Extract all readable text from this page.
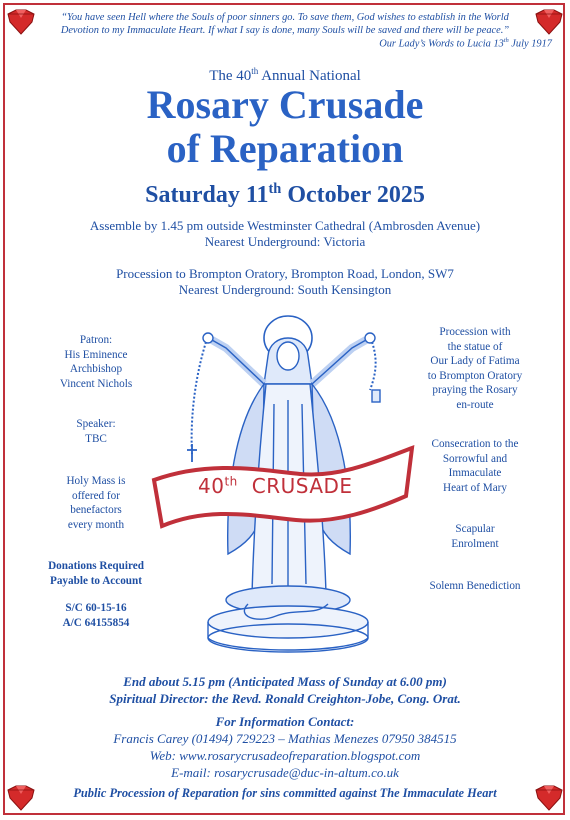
“You have seen Hell where the Souls of poor sinners go. To save them, God wishes to establish in the World
Devotion to my Immaculate Heart. If what I say is done, many Souls will be saved and there will be peace.”
Our Lady’s Words to Lucia 13th July 1917
The 40th Annual National
Rosary Crusade
of Reparation
Saturday 11th October 2025
Assemble by 1.45 pm outside Westminster Cathedral (Ambrosden Avenue)
Nearest Underground: Victoria
Procession to Brompton Oratory, Brompton Road, London, SW7
Nearest Underground: South Kensington
Patron:
His Eminence
Archbishop
Vincent Nichols
Speaker:
TBC
Holy Mass is
offered for
benefactors
every month
Donations Required
Payable to Account
S/C 60-15-16
A/C 64155854
Procession with
the statue of
Our Lady of Fatima
to Brompton Oratory
praying the Rosary
en-route
Consecration to the
Sorrowful and
Immaculate
Heart of Mary
Scapular
Enrolment
Solemn Benediction
40th CRUSADE
End about 5.15 pm (Anticipated Mass of Sunday at 6.00 pm)
Spiritual Director: the Revd. Ronald Creighton-Jobe, Cong. Orat.
For Information Contact:
Francis Carey (01494) 729223 – Mathias Menezes 07950 384515
Web: www.rosarycrusadeofreparation.blogspot.com
E-mail: rosarycrusade@duc-in-altum.co.uk
Public Procession of Reparation for sins committed against The Immaculate Heart
